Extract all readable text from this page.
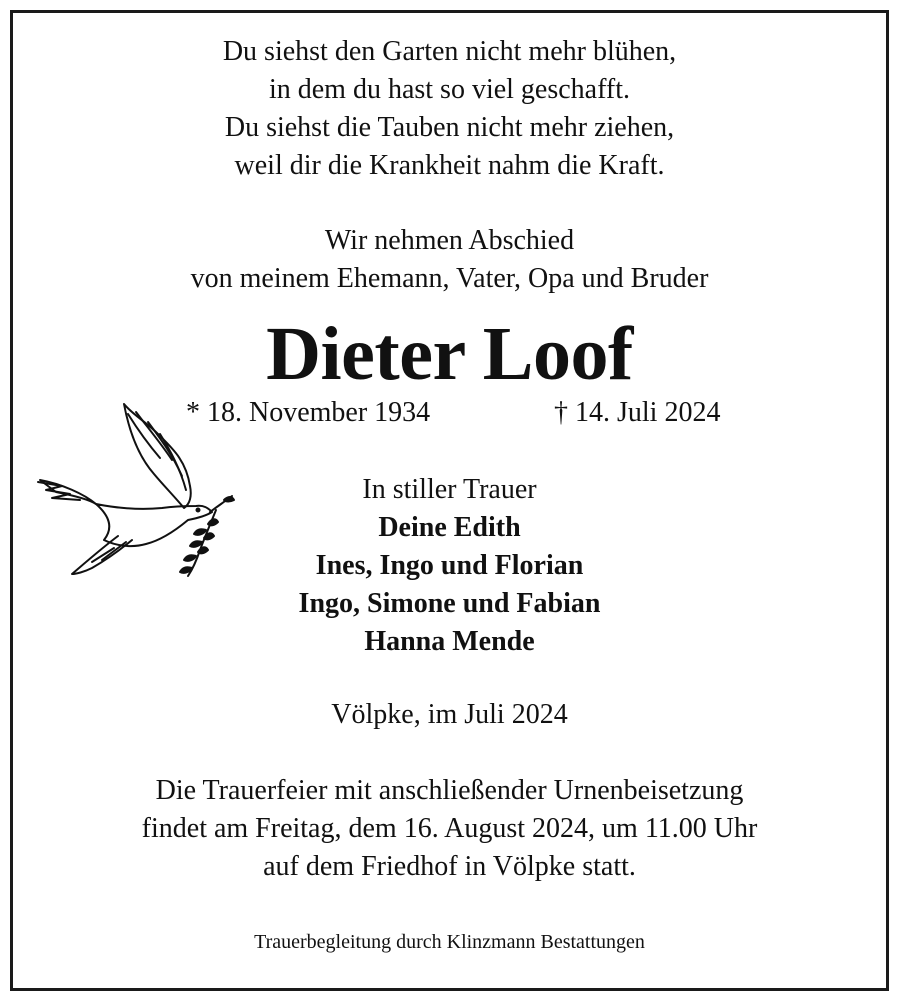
Du siehst den Garten nicht mehr blühen,
in dem du hast so viel geschafft.
Du siehst die Tauben nicht mehr ziehen,
weil dir die Krankheit nahm die Kraft.
Wir nehmen Abschied
von meinem Ehemann, Vater, Opa und Bruder
Dieter Loof
* 18. November 1934	† 14. Juli 2024
In stiller Trauer
Deine Edith
Ines, Ingo und Florian
Ingo, Simone und Fabian
Hanna Mende
Völpke, im Juli 2024
Die Trauerfeier mit anschließender Urnenbeisetzung
findet am Freitag, dem 16. August 2024, um 11.00 Uhr
auf dem Friedhof in Völpke statt.
Trauerbegleitung durch Klinzmann Bestattungen
